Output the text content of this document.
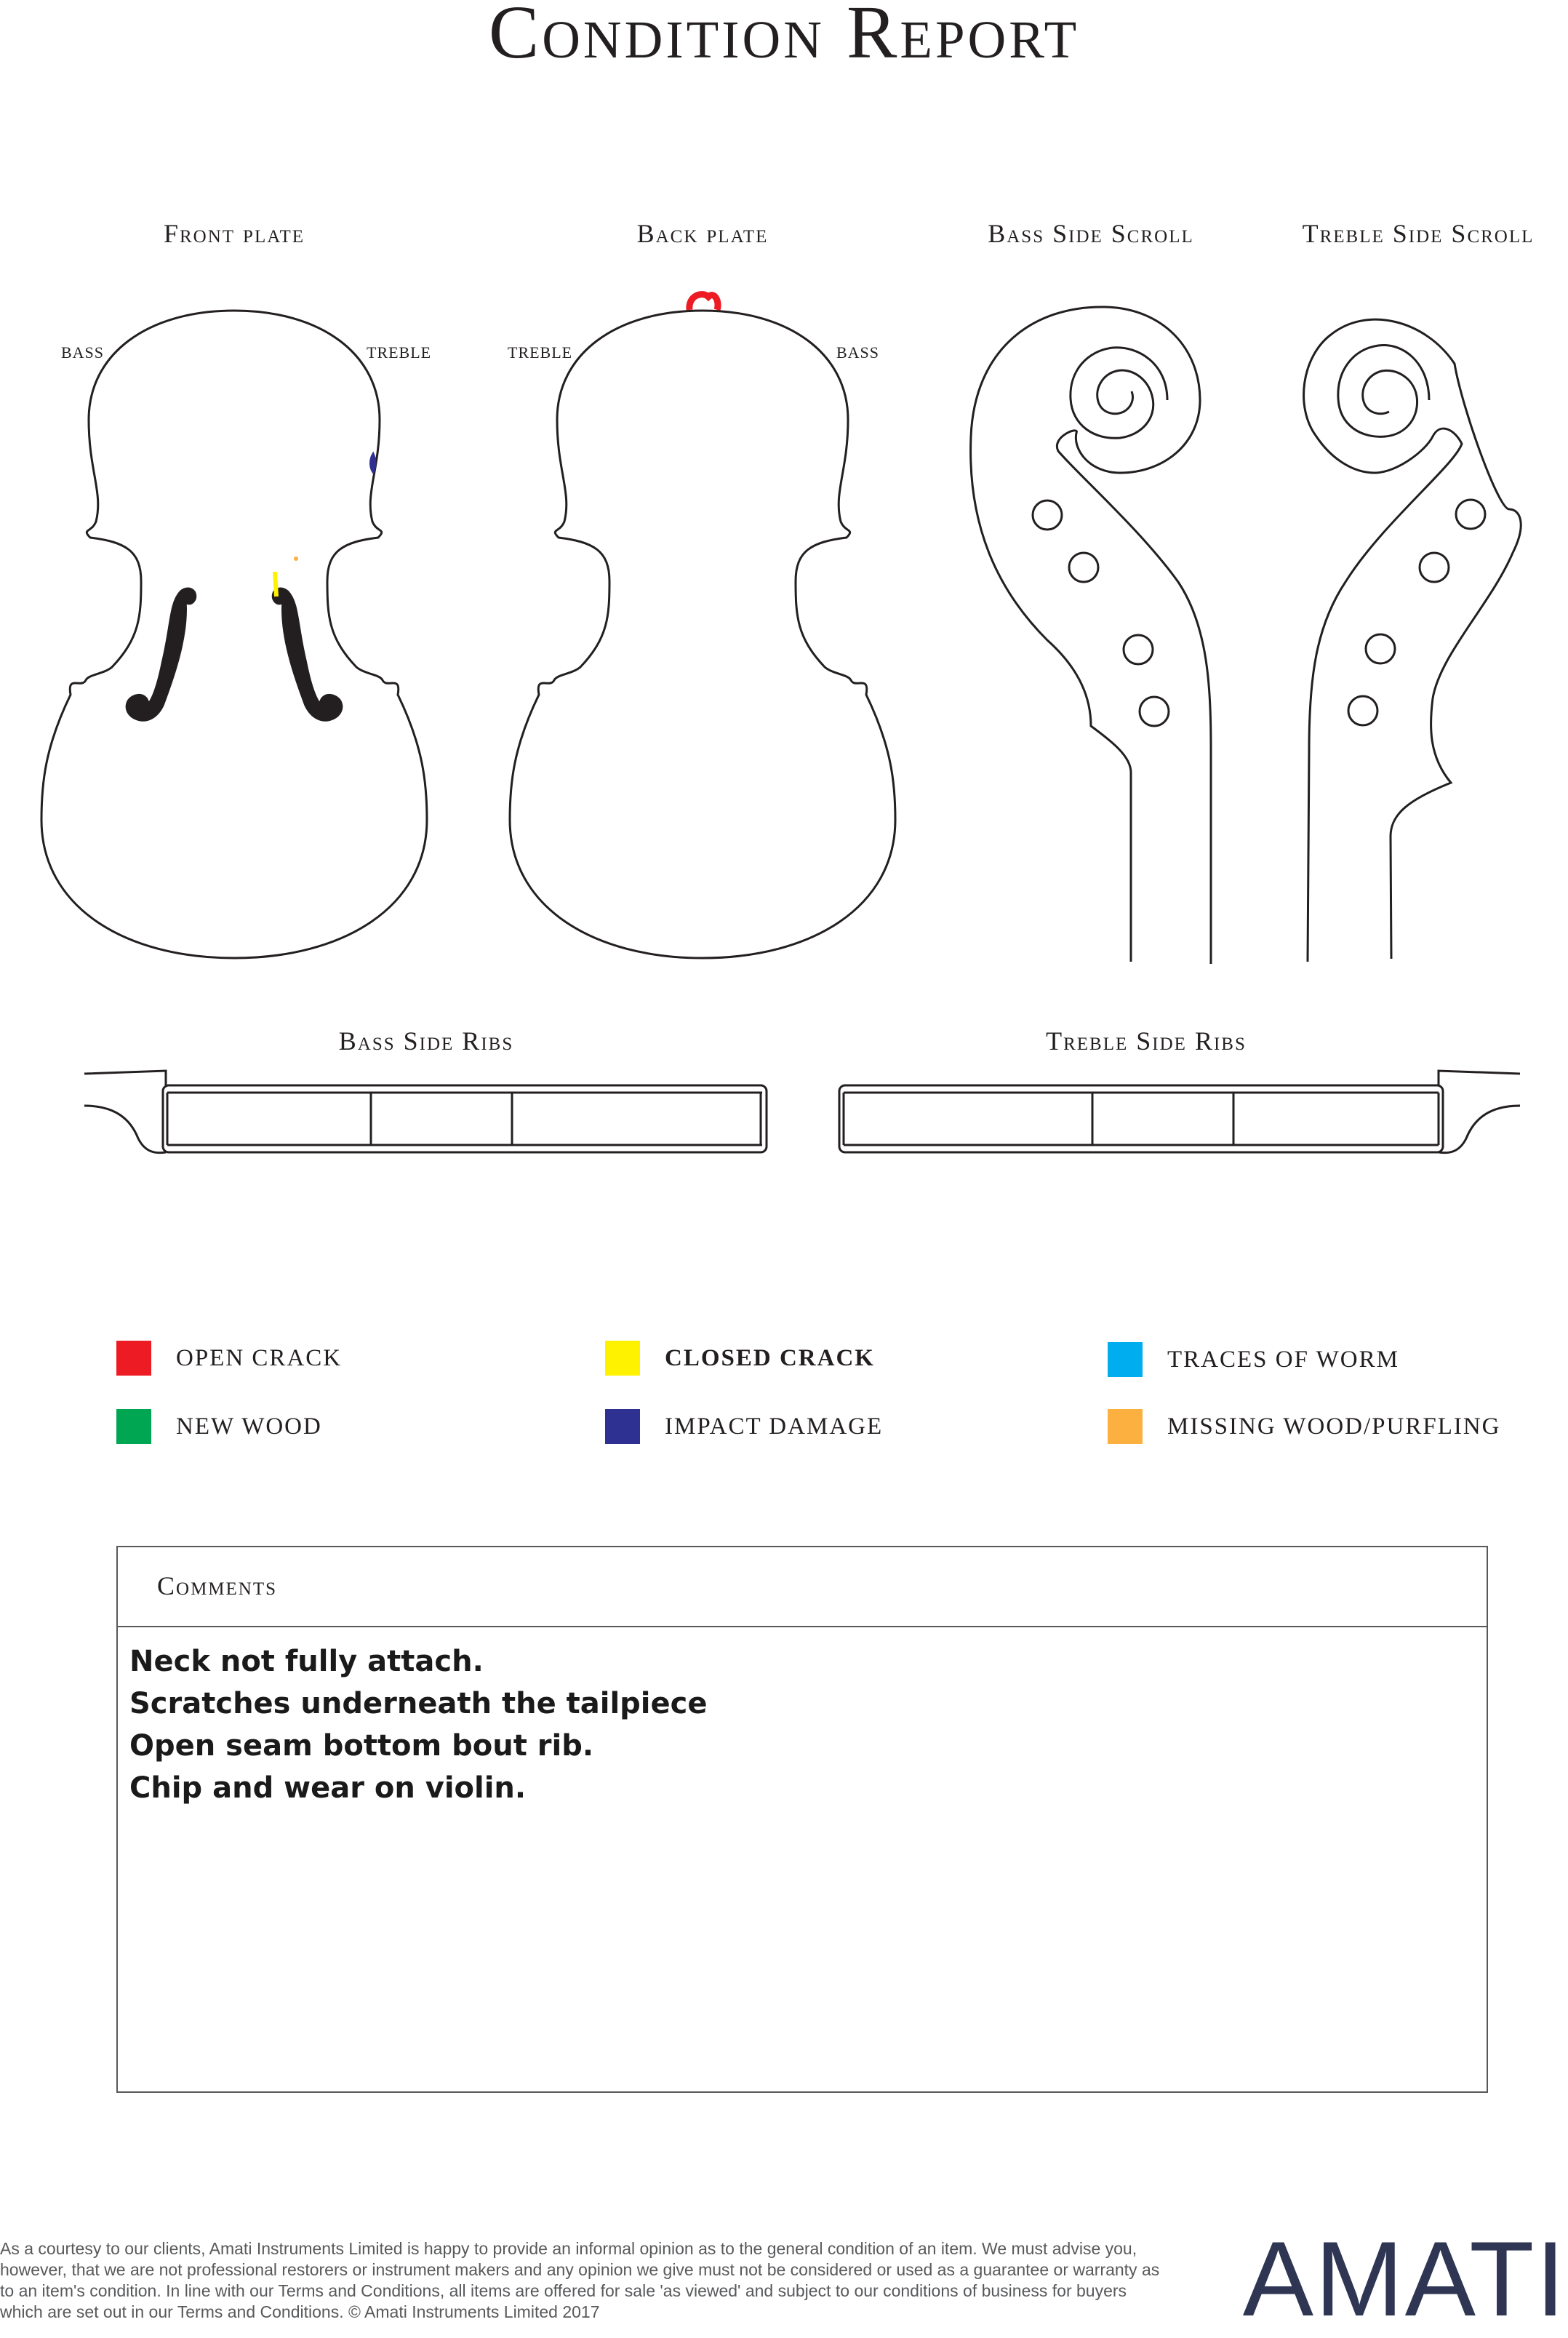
Condition Report
Front plate	Back plate	Bass Side Scroll	Treble Side Scroll
Bass Side Ribs	Treble Side Ribs
BASS	TREBLE	TREBLE	BASS
OPEN CRACK	CLOSED CRACK	TRACES OF WORM
NEW WOOD	IMPACT DAMAGE	MISSING WOOD/PURFLING
Comments
Neck not fully attach.
Scratches underneath the tailpiece
Open seam bottom bout rib.
Chip and wear on violin.
As a courtesy to our clients, Amati Instruments Limited is happy to provide an informal opinion as to the general condition of an item. We must advise you, however, that we are not professional restorers or instrument makers and any opinion we give must not be considered or used as a guarantee or warranty as to an item's condition. In line with our Terms and Conditions, all items are offered for sale 'as viewed' and subject to our conditions of business for buyers which are set out in our Terms and Conditions. © Amati Instruments Limited 2017	AMATI
